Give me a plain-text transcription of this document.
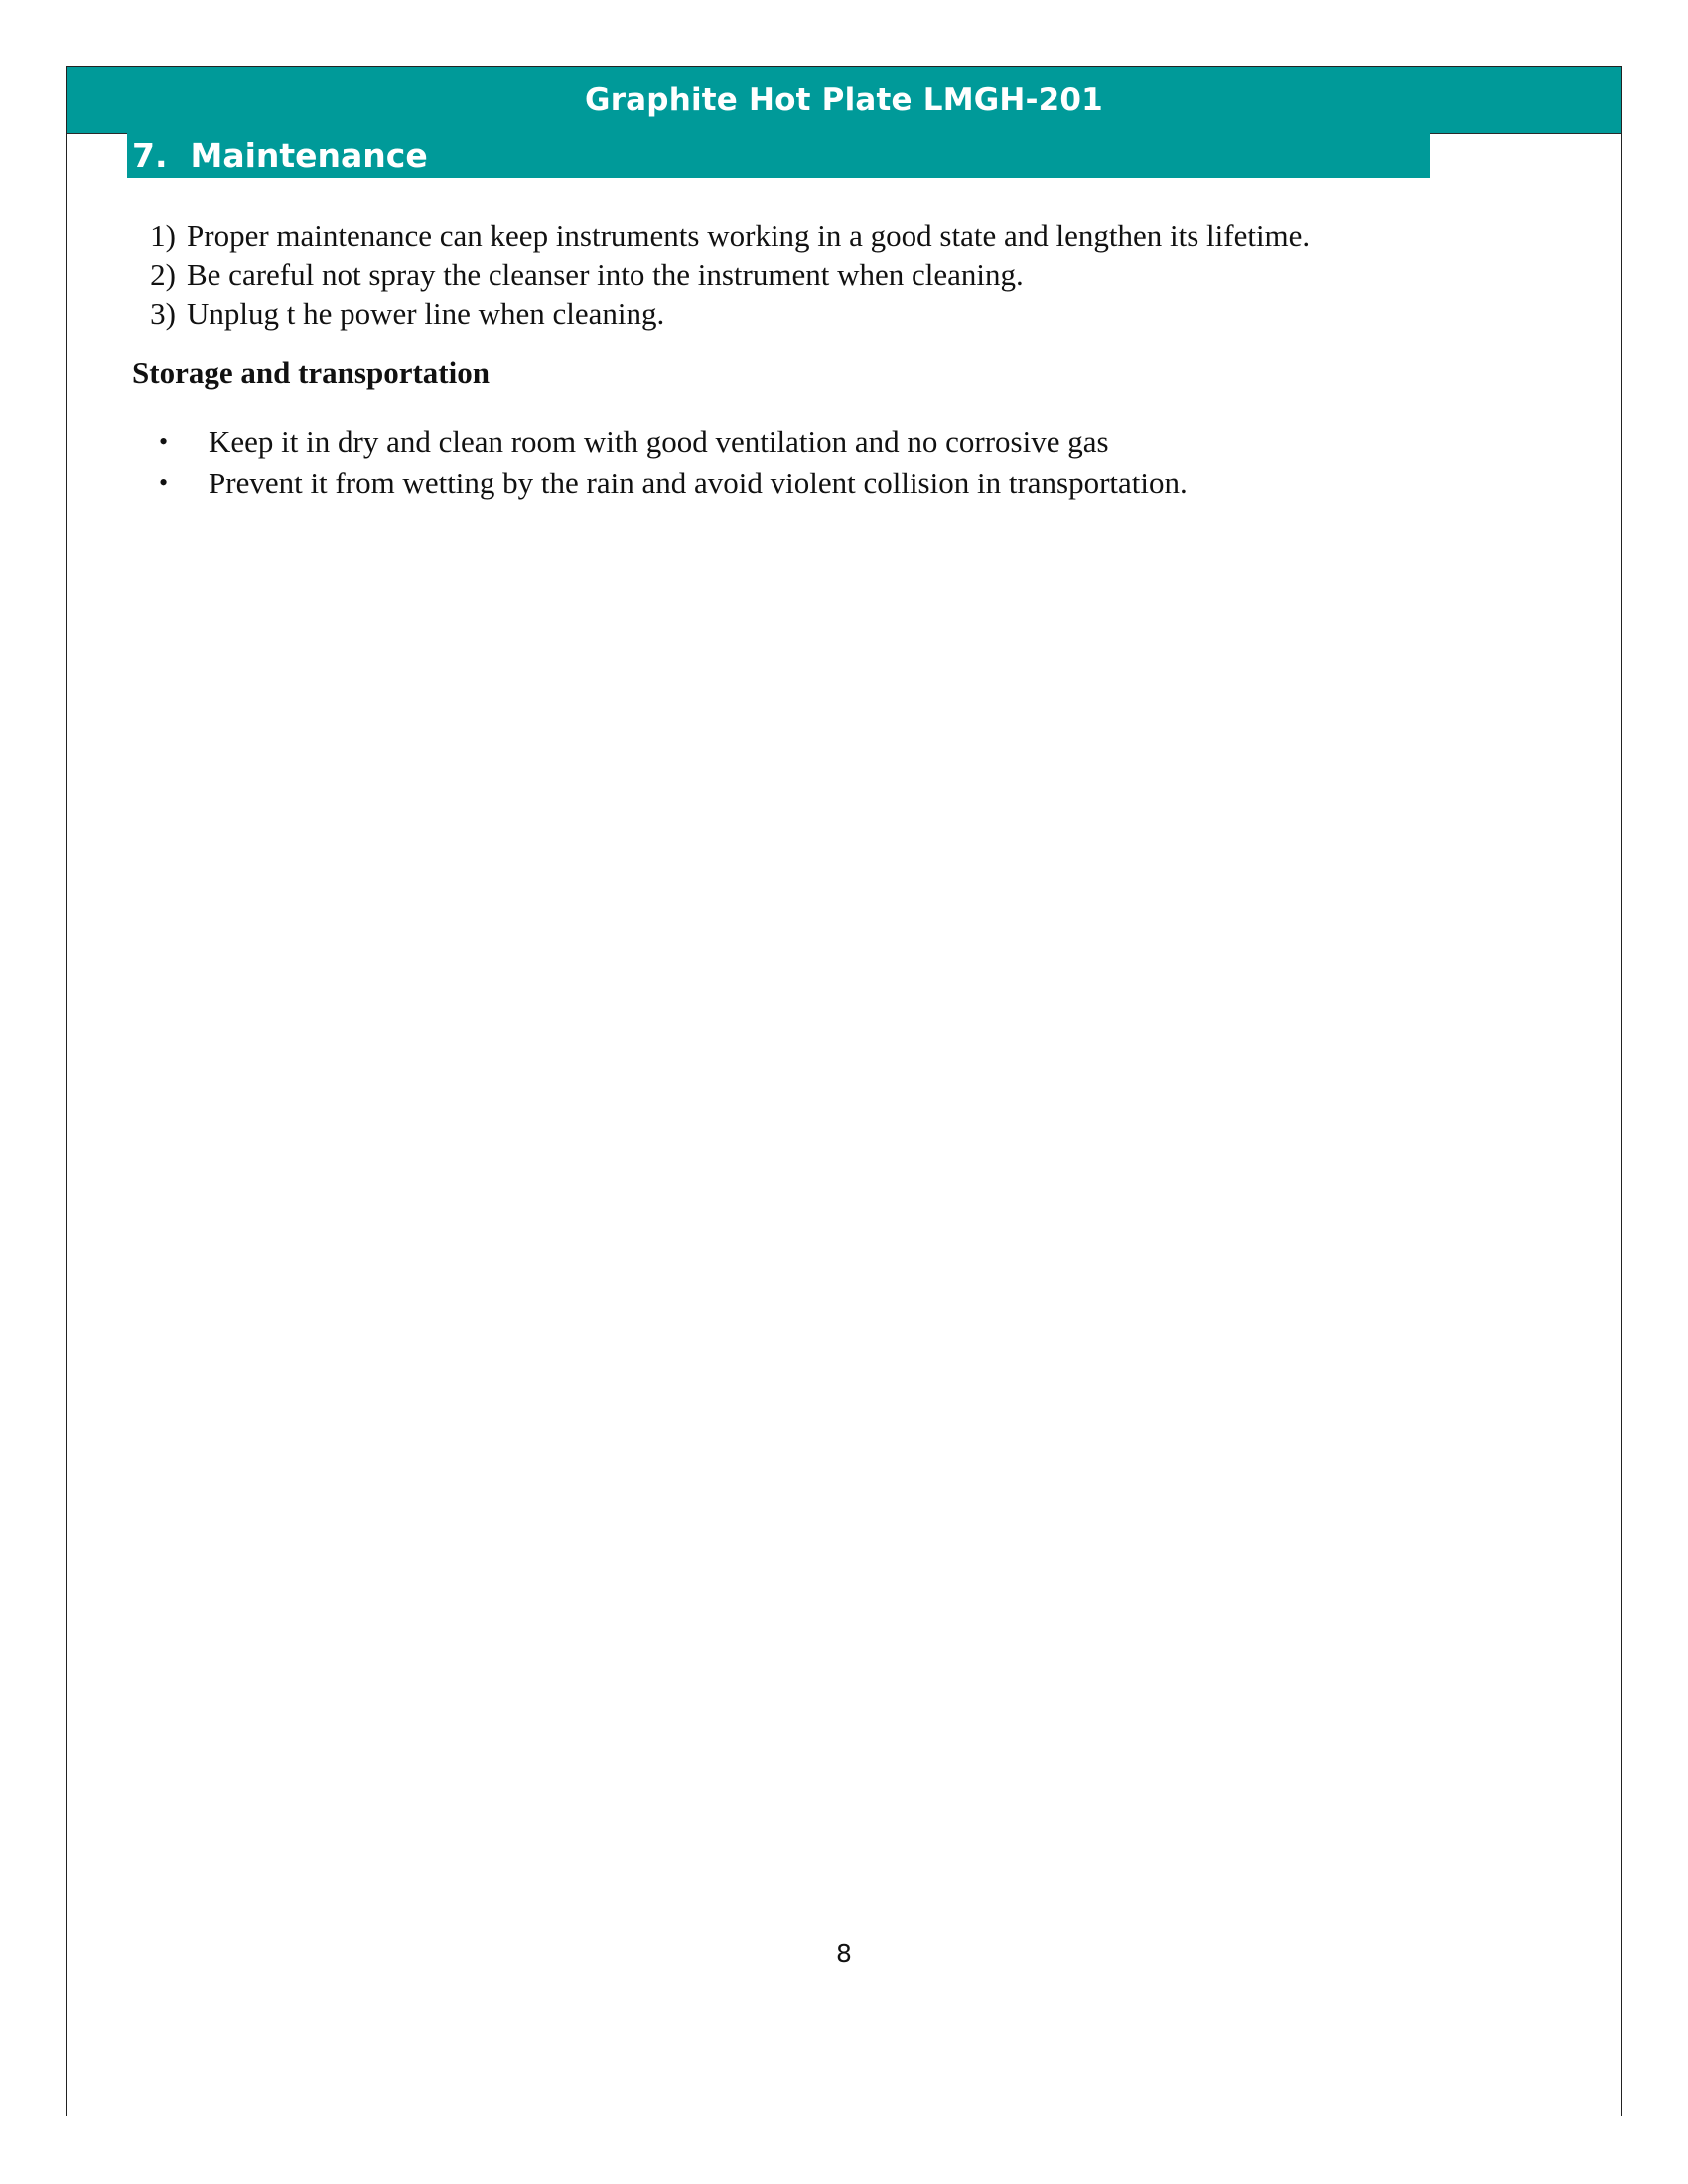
Graphite Hot Plate LMGH-201
7.  Maintenance
1) Proper maintenance can keep instruments working in a good state and lengthen its lifetime.
2) Be careful not spray the cleanser into the instrument when cleaning.
3) Unplug t he power line when cleaning.
Storage and transportation
•	Keep it in dry and clean room with good ventilation and no corrosive gas
•	Prevent it from wetting by the rain and avoid violent collision in transportation.
8
